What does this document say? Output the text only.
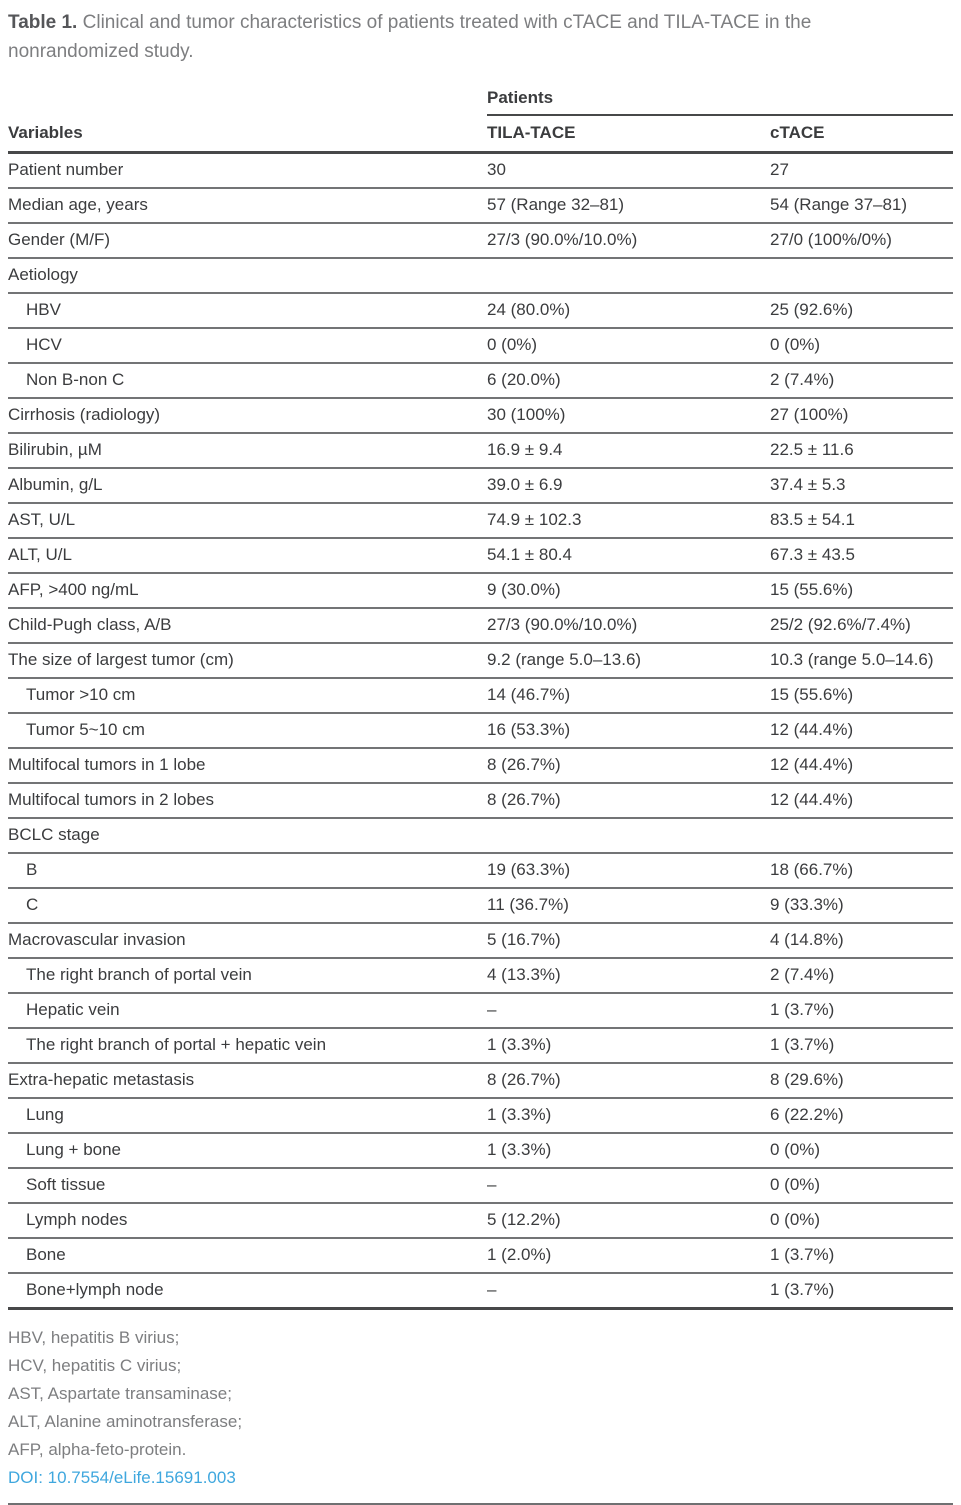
Table 1. Clinical and tumor characteristics of patients treated with cTACE and TILA-TACE in the nonrandomized study.

	Patients	
Variables	TILA-TACE	cTACE
Patient number	30	27
Median age, years	57 (Range 32–81)	54 (Range 37–81)
Gender (M/F)	27/3 (90.0%/10.0%)	27/0 (100%/0%)
Aetiology		
HBV	24 (80.0%)	25 (92.6%)
HCV	0 (0%)	0 (0%)
Non B-non C	6 (20.0%)	2 (7.4%)
Cirrhosis (radiology)	30 (100%)	27 (100%)
Bilirubin, µM	16.9 ± 9.4	22.5 ± 11.6
Albumin, g/L	39.0 ± 6.9	37.4 ± 5.3
AST, U/L	74.9 ± 102.3	83.5 ± 54.1
ALT, U/L	54.1 ± 80.4	67.3 ± 43.5
AFP, >400 ng/mL	9 (30.0%)	15 (55.6%)
Child-Pugh class, A/B	27/3 (90.0%/10.0%)	25/2 (92.6%/7.4%)
The size of largest tumor (cm)	9.2 (range 5.0–13.6)	10.3 (range 5.0–14.6)
Tumor >10 cm	14 (46.7%)	15 (55.6%)
Tumor 5~10 cm	16 (53.3%)	12 (44.4%)
Multifocal tumors in 1 lobe	8 (26.7%)	12 (44.4%)
Multifocal tumors in 2 lobes	8 (26.7%)	12 (44.4%)
BCLC stage		
B	19 (63.3%)	18 (66.7%)
C	11 (36.7%)	9 (33.3%)
Macrovascular invasion	5 (16.7%)	4 (14.8%)
The right branch of portal vein	4 (13.3%)	2 (7.4%)
Hepatic vein	–	1 (3.7%)
The right branch of portal + hepatic vein	1 (3.3%)	1 (3.7%)
Extra-hepatic metastasis	8 (26.7%)	8 (29.6%)
Lung	1 (3.3%)	6 (22.2%)
Lung + bone	1 (3.3%)	0 (0%)
Soft tissue	–	0 (0%)
Lymph nodes	5 (12.2%)	0 (0%)
Bone	1 (2.0%)	1 (3.7%)
Bone+lymph node	–	1 (3.7%)
HBV, hepatitis B virius;
HCV, hepatitis C virius;
AST, Aspartate transaminase;
ALT, Alanine aminotransferase;
AFP, alpha-feto-protein.
DOI: 10.7554/eLife.15691.003
